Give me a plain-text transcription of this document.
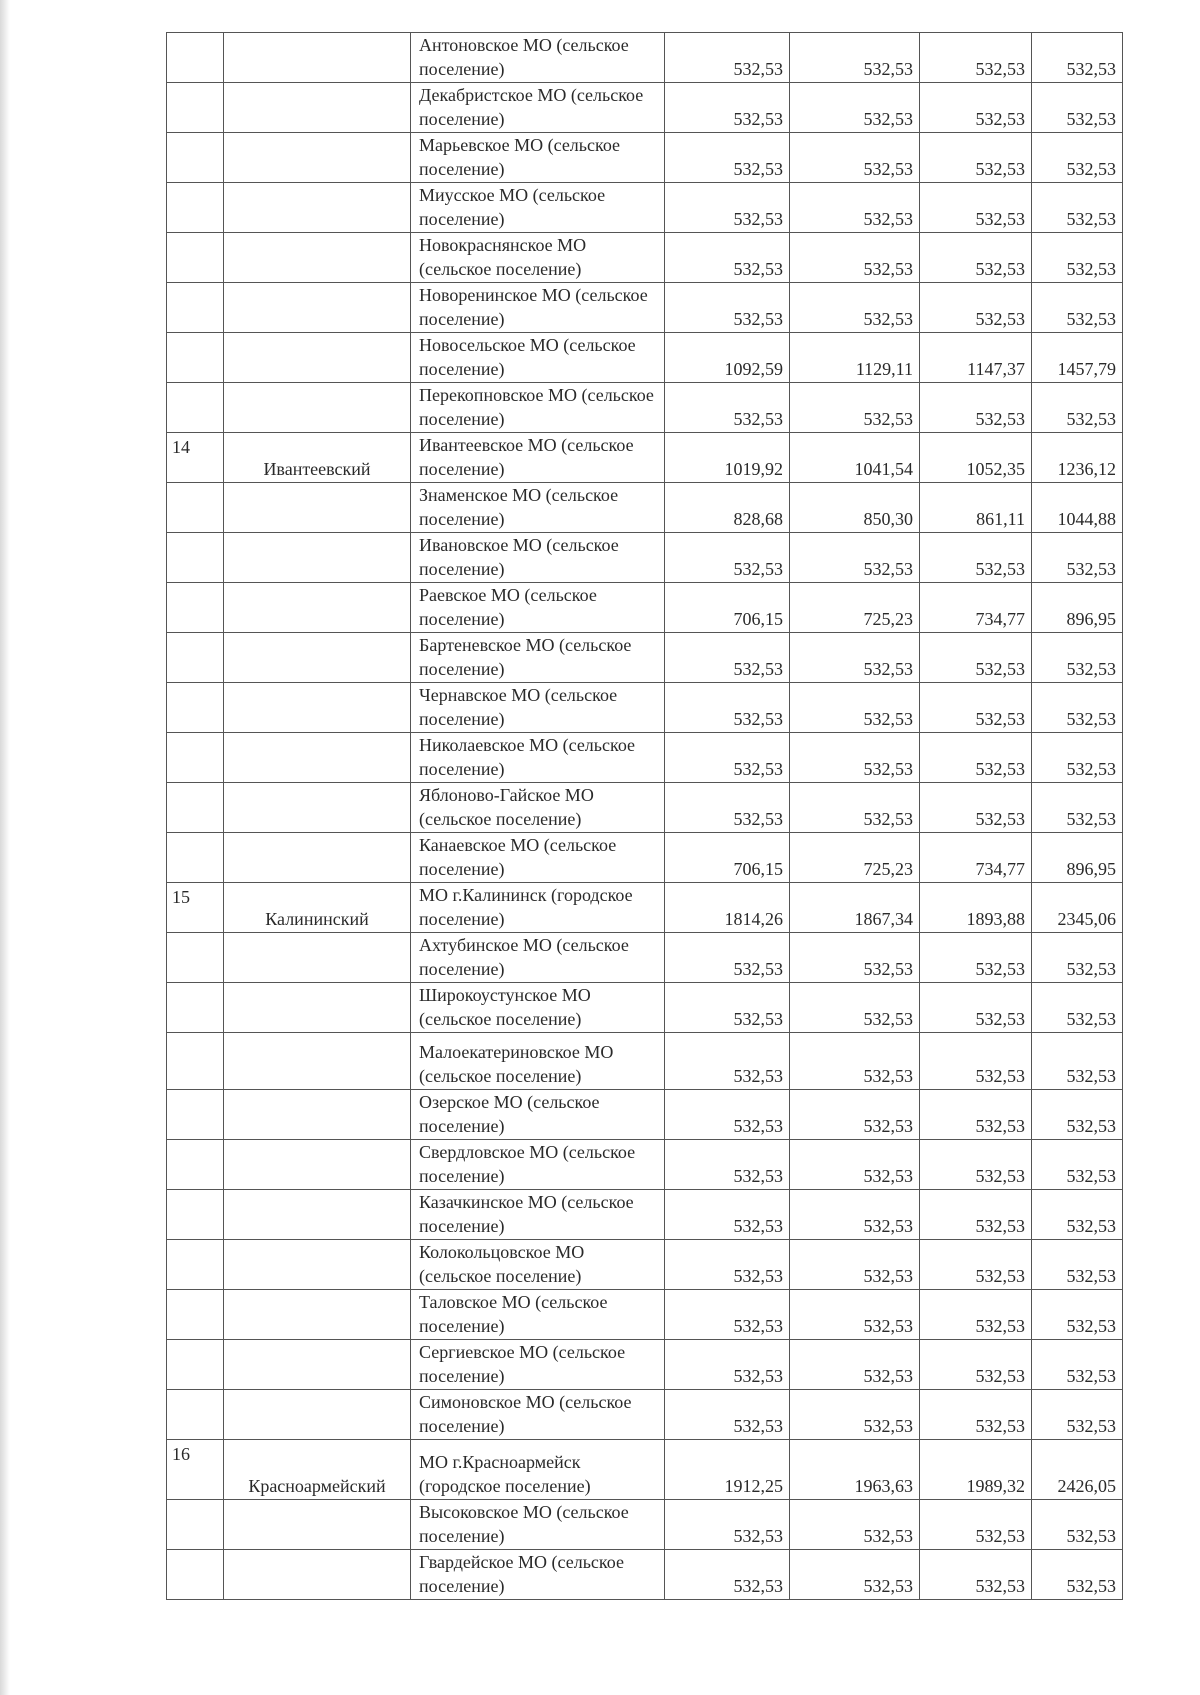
		Антоновское МО (сельское поселение)	532,53	532,53	532,53	532,53
		Декабристское МО (сельское поселение)	532,53	532,53	532,53	532,53
		Марьевское МО (сельское поселение)	532,53	532,53	532,53	532,53
		Миусское МО (сельское поселение)	532,53	532,53	532,53	532,53
		Новокраснянское МО (сельское поселение)	532,53	532,53	532,53	532,53
		Новоренинское МО (сельское поселение)	532,53	532,53	532,53	532,53
		Новосельское МО (сельское поселение)	1092,59	1129,11	1147,37	1457,79
		Перекопновское МО (сельское поселение)	532,53	532,53	532,53	532,53
14	Ивантеевский	Ивантеевское МО (сельское поселение)	1019,92	1041,54	1052,35	1236,12
		Знаменское МО (сельское поселение)	828,68	850,30	861,11	1044,88
		Ивановское МО (сельское поселение)	532,53	532,53	532,53	532,53
		Раевское МО (сельское поселение)	706,15	725,23	734,77	896,95
		Бартеневское МО (сельское поселение)	532,53	532,53	532,53	532,53
		Чернавское МО (сельское поселение)	532,53	532,53	532,53	532,53
		Николаевское МО (сельское поселение)	532,53	532,53	532,53	532,53
		Яблоново-Гайское МО (сельское поселение)	532,53	532,53	532,53	532,53
		Канаевское МО (сельское поселение)	706,15	725,23	734,77	896,95
15	Калининский	МО г.Калининск (городское поселение)	1814,26	1867,34	1893,88	2345,06
		Ахтубинское МО (сельское поселение)	532,53	532,53	532,53	532,53
		Широкоустунское МО (сельское поселение)	532,53	532,53	532,53	532,53
		Малоекатериновское МО (сельское поселение)	532,53	532,53	532,53	532,53
		Озерское МО (сельское поселение)	532,53	532,53	532,53	532,53
		Свердловское МО (сельское поселение)	532,53	532,53	532,53	532,53
		Казачкинское МО (сельское поселение)	532,53	532,53	532,53	532,53
		Колокольцовское МО (сельское поселение)	532,53	532,53	532,53	532,53
		Таловское МО (сельское поселение)	532,53	532,53	532,53	532,53
		Сергиевское МО (сельское поселение)	532,53	532,53	532,53	532,53
		Симоновское МО (сельское поселение)	532,53	532,53	532,53	532,53
16	Красноармейский	МО г.Красноармейск (городское поселение)	1912,25	1963,63	1989,32	2426,05
		Высоковское МО (сельское поселение)	532,53	532,53	532,53	532,53
		Гвардейское МО (сельское поселение)	532,53	532,53	532,53	532,53
